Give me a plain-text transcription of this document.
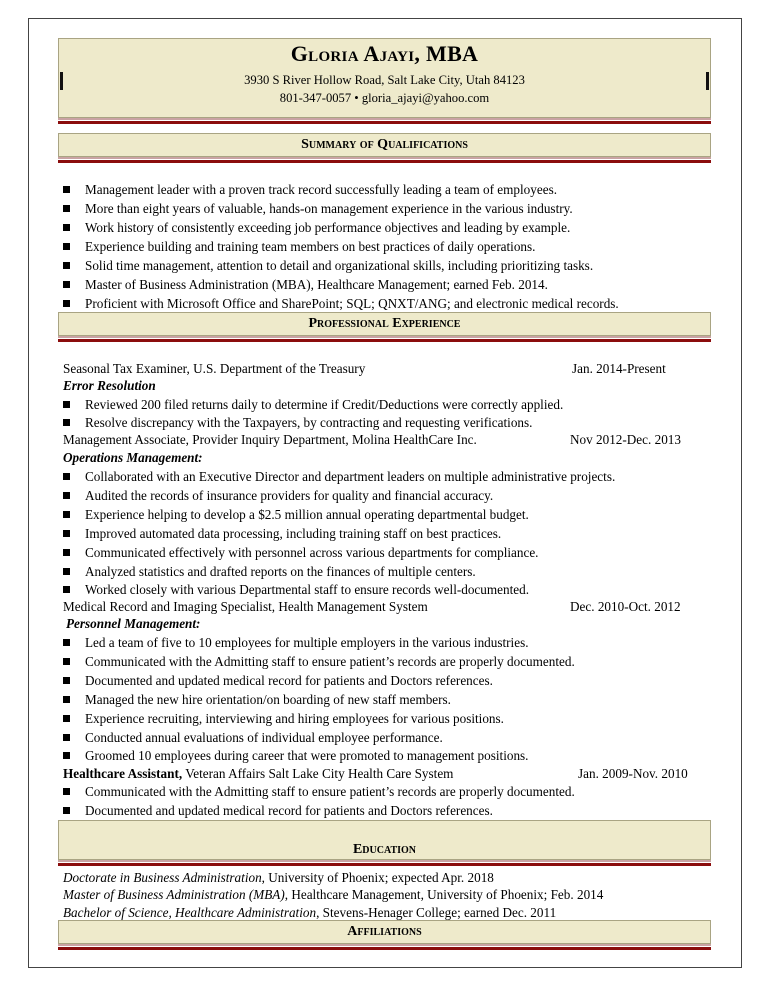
Gloria Ajayi, MBA
3930 S River Hollow Road, Salt Lake City, Utah 84123
801-347-0057 • gloria_ajayi@yahoo.com
Summary of Qualifications
Management leader with a proven track record successfully leading a team of employees.
More than eight years of valuable, hands-on management experience in the various industry.
Work history of consistently exceeding job performance objectives and leading by example.
Experience building and training team members on best practices of daily operations.
Solid time management, attention to detail and organizational skills, including prioritizing tasks.
Master of Business Administration (MBA), Healthcare Management; earned Feb. 2014.
Proficient with Microsoft Office and SharePoint; SQL; QNXT/ANG; and electronic medical records.
Professional Experience
Seasonal Tax Examiner, U.S. Department of the Treasury	Jan. 2014-Present
Error Resolution
Reviewed 200 filed returns daily to determine if Credit/Deductions were correctly applied.
Resolve discrepancy with the Taxpayers, by contracting and requesting verifications.
Management Associate, Provider Inquiry Department, Molina HealthCare Inc.	Nov 2012-Dec. 2013
Operations Management:
Collaborated with an Executive Director and department leaders on multiple administrative projects.
Audited the records of insurance providers for quality and financial accuracy.
Experience helping to develop a $2.5 million annual operating departmental budget.
Improved automated data processing, including training staff on best practices.
Communicated effectively with personnel across various departments for compliance.
Analyzed statistics and drafted reports on the finances of multiple centers.
Worked closely with various Departmental staff to ensure records well-documented.
Medical Record and Imaging Specialist, Health Management System	Dec. 2010-Oct. 2012
Personnel Management:
Led a team of five to 10 employees for multiple employers in the various industries.
Communicated with the Admitting staff to ensure patient’s records are properly documented.
Documented and updated medical record for patients and Doctors references.
Managed the new hire orientation/on boarding of new staff members.
Experience recruiting, interviewing and hiring employees for various positions.
Conducted annual evaluations of individual employee performance.
Groomed 10 employees during career that were promoted to management positions.
Healthcare Assistant, Veteran Affairs Salt Lake City Health Care System	Jan. 2009-Nov. 2010
Communicated with the Admitting staff to ensure patient’s records are properly documented.
Documented and updated medical record for patients and Doctors references.
Education
Doctorate in Business Administration, University of Phoenix; expected Apr. 2018
Master of Business Administration (MBA), Healthcare Management, University of Phoenix; Feb. 2014
Bachelor of Science, Healthcare Administration, Stevens-Henager College; earned Dec. 2011
Affiliations
